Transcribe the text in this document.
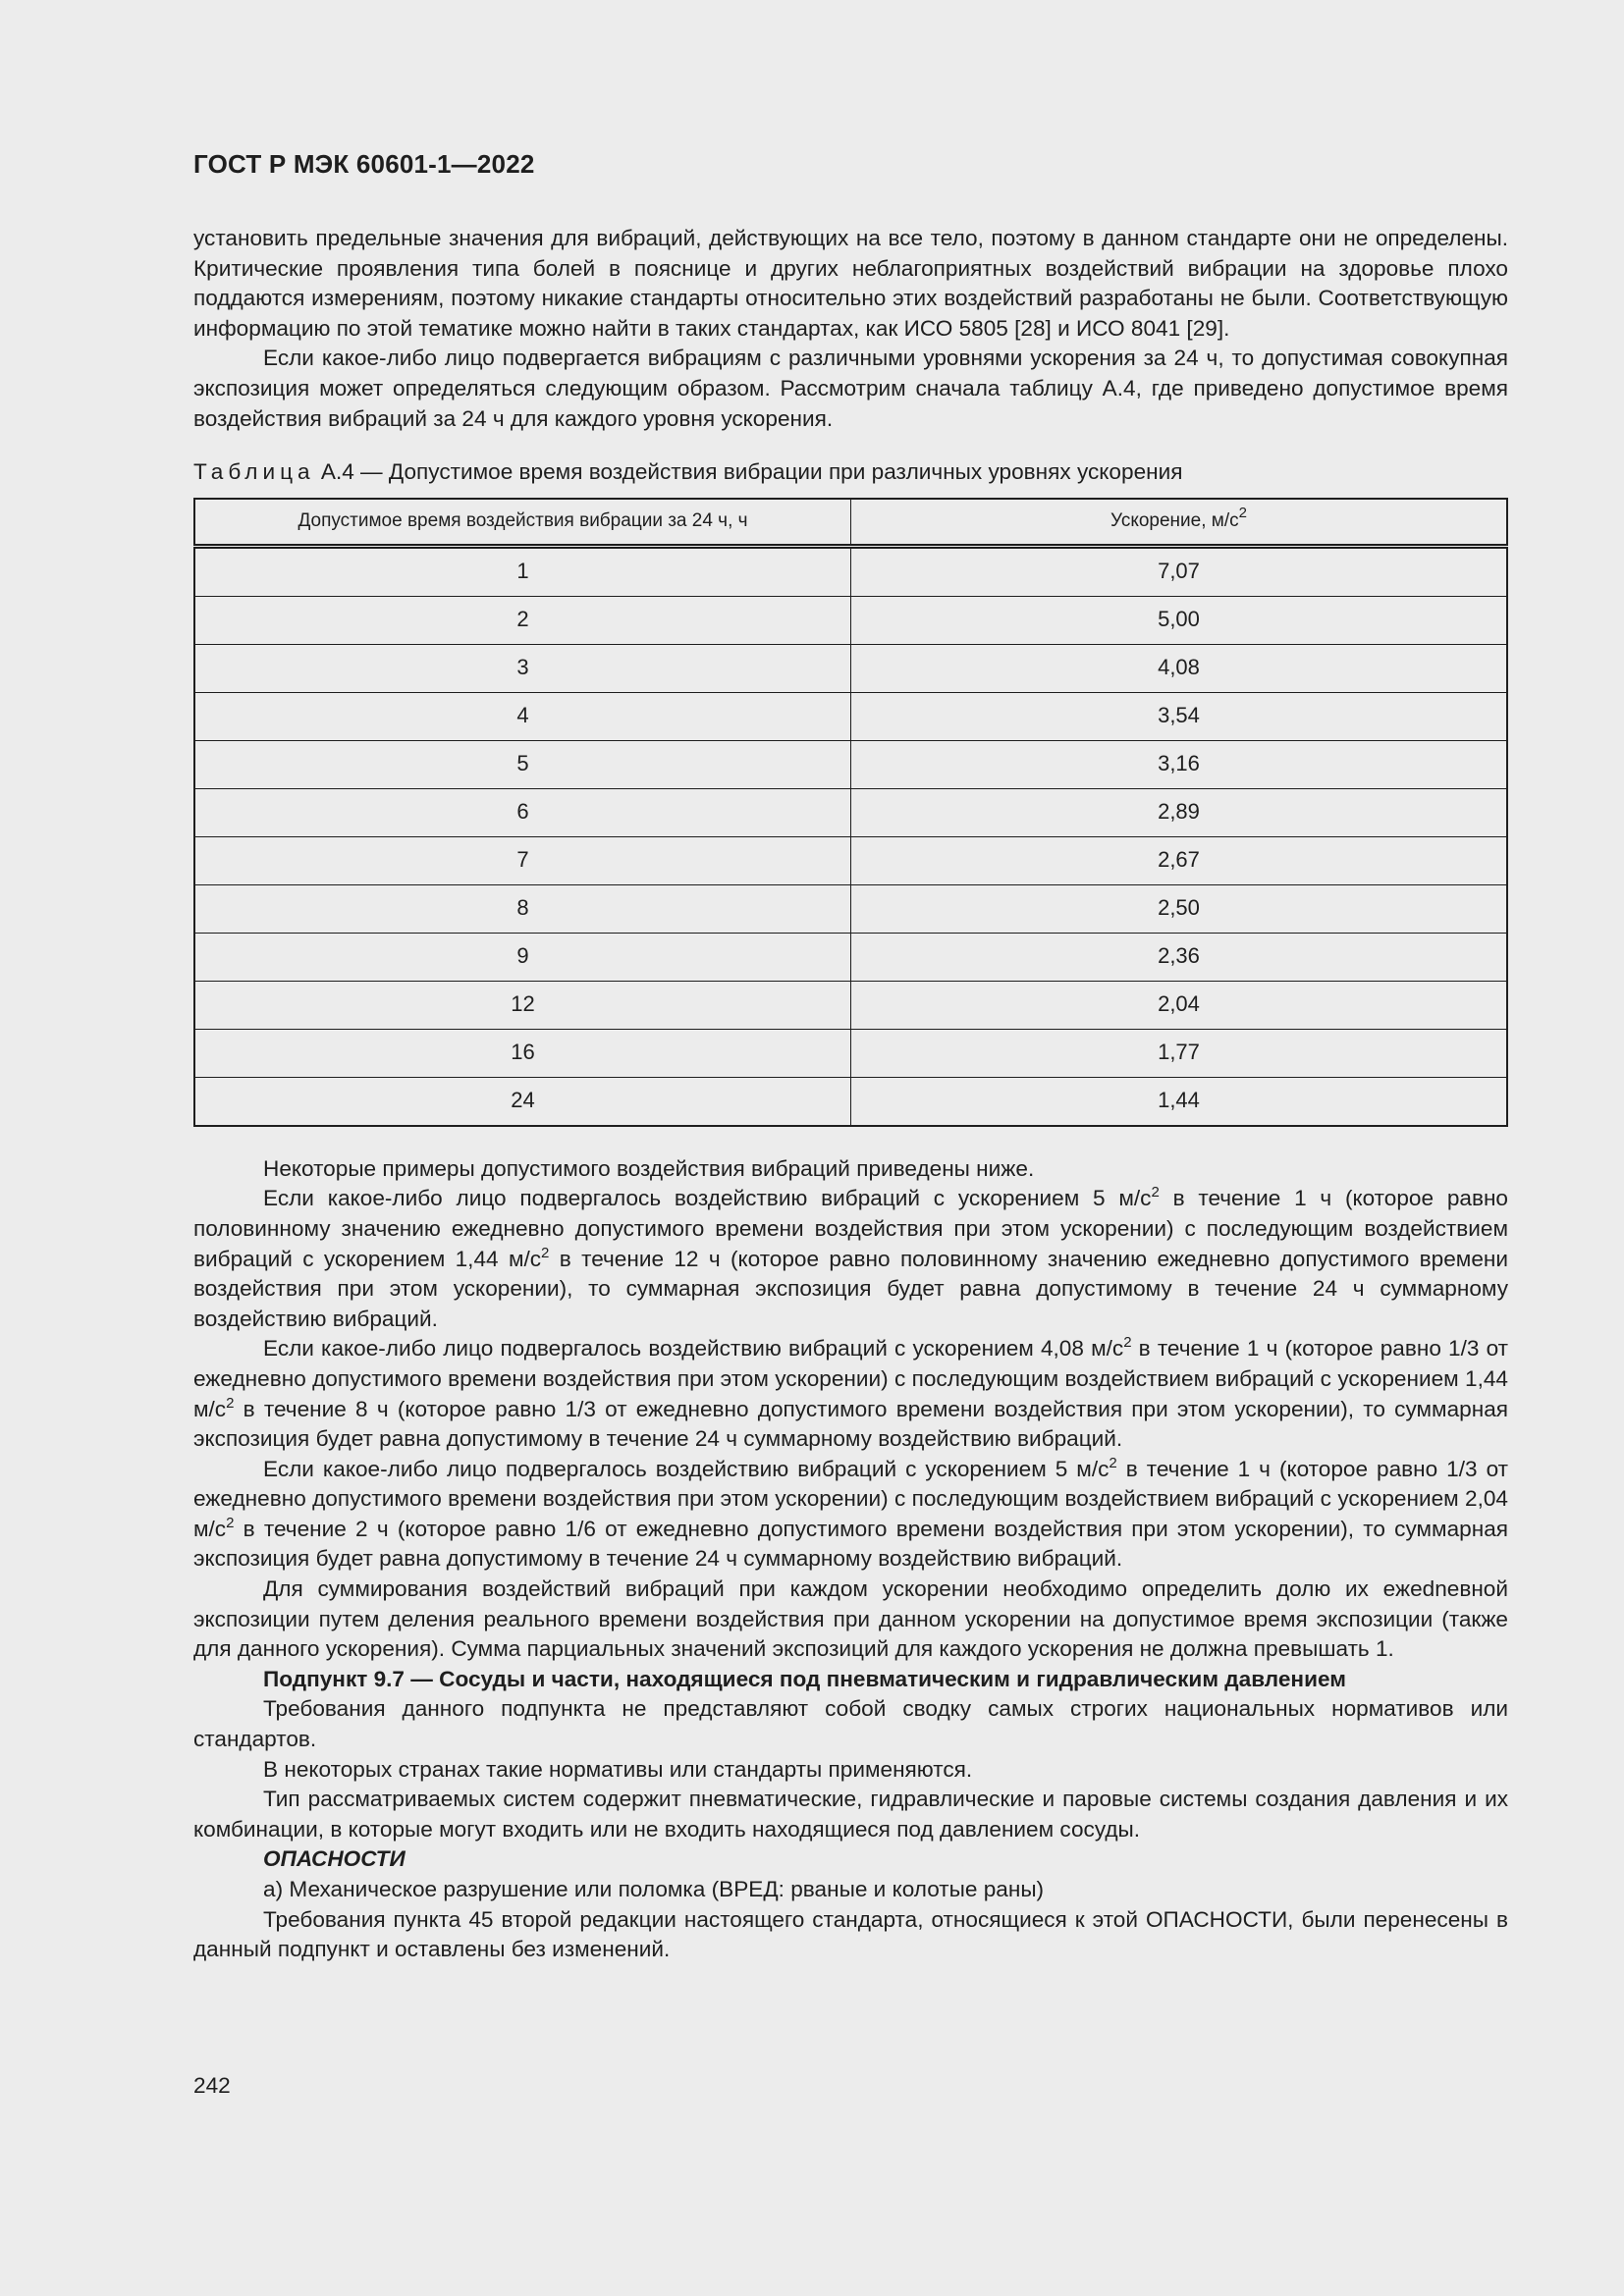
ГОСТ Р МЭК 60601-1—2022

установить предельные значения для вибраций, действующих на все тело, поэтому в данном стандарте они не определены. Критические проявления типа болей в пояснице и других неблагоприятных воздействий вибрации на здоровье плохо поддаются измерениям, поэтому никакие стандарты относительно этих воздействий разработаны не были. Соответствующую информацию по этой тематике можно найти в таких стандартах, как ИСО 5805 [28] и ИСО 8041 [29].

Если какое-либо лицо подвергается вибрациям с различными уровнями ускорения за 24 ч, то допустимая совокупная экспозиция может определяться следующим образом. Рассмотрим сначала таблицу А.4, где приведено допустимое время воздействия вибраций за 24 ч для каждого уровня ускорения.

Таблица А.4 — Допустимое время воздействия вибрации при различных уровнях ускорения
Допустимое время воздействия вибрации за 24 ч, ч	Ускорение, $м/с^2$
1	7,07
2	5,00
3	4,08
4	3,54
5	3,16
6	2,89
7	2,67
8	2,50
9	2,36
12	2,04
16	1,77
24	1,44

Некоторые примеры допустимого воздействия вибраций приведены ниже.

Если какое-либо лицо подвергалось воздействию вибраций с ускорением 5 $м/с^2$ в течение 1 ч (которое равно половинному значению ежедневно допустимого времени воздействия при этом ускорении) с последующим воздействием вибраций с ускорением 1,44 $м/с^2$ в течение 12 ч (которое равно половинному значению ежедневно допустимого времени воздействия при этом ускорении), то суммарная экспозиция будет равна допустимому в течение 24 ч суммарному воздействию вибраций.

Если какое-либо лицо подвергалось воздействию вибраций с ускорением 4,08 $м/с^2$ в течение 1 ч (которое равно 1/3 от ежедневно допустимого времени воздействия при этом ускорении) с последующим воздействием вибраций с ускорением 1,44 $м/с^2$ в течение 8 ч (которое равно 1/3 от ежедневно допустимого времени воздействия при этом ускорении), то суммарная экспозиция будет равна допустимому в течение 24 ч суммарному воздействию вибраций.

Если какое-либо лицо подвергалось воздействию вибраций с ускорением 5 $м/с^2$ в течение 1 ч (которое равно 1/3 от ежедневно допустимого времени воздействия при этом ускорении) с последующим воздействием вибраций с ускорением 2,04 $м/с^2$ в течение 2 ч (которое равно 1/6 от ежедневно допустимого времени воздействия при этом ускорении), то суммарная экспозиция будет равна допустимому в течение 24 ч суммарному воздействию вибраций.

Для суммирования воздействий вибраций при каждом ускорении необходимо определить долю их ежednевной экспозиции путем деления реального времени воздействия при данном ускорении на допустимое время экспозиции (также для данного ускорения). Сумма парциальных значений экспозиций для каждого ускорения не должна превышать 1.

Подпункт 9.7 — Сосуды и части, находящиеся под пневматическим и гидравлическим давлением

Требования данного подпункта не представляют собой сводку самых строгих национальных нормативов или стандартов.

В некоторых странах такие нормативы или стандарты применяются.

Тип рассматриваемых систем содержит пневматические, гидравлические и паровые системы создания давления и их комбинации, в которые могут входить или не входить находящиеся под давлением сосуды.

ОПАСНОСТИ

а) Механическое разрушение или поломка (ВРЕД: рваные и колотые раны)

Требования пункта 45 второй редакции настоящего стандарта, относящиеся к этой ОПАСНОСТИ, были перенесены в данный подпункт и оставлены без изменений.

242
